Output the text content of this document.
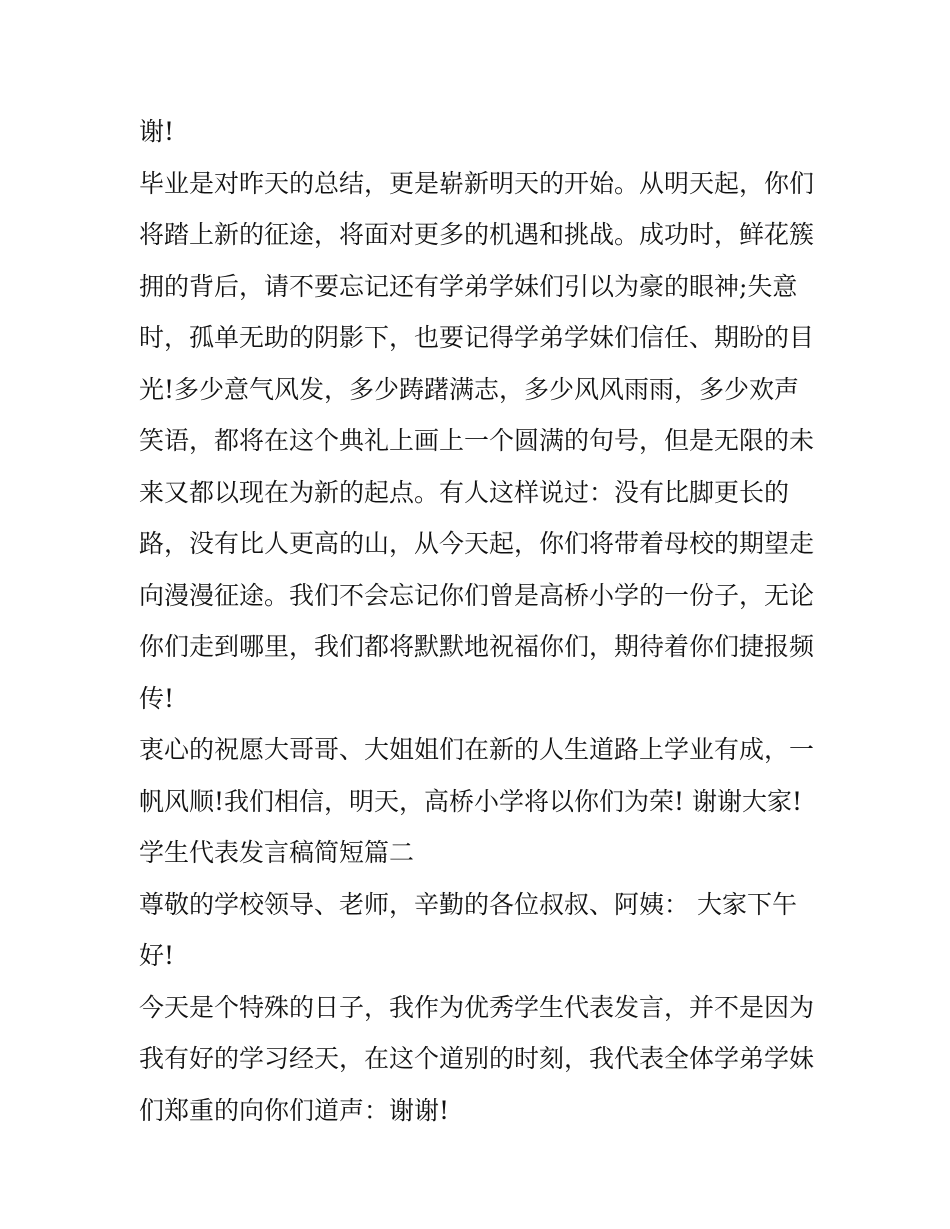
谢!
毕业是对昨天的总结，更是崭新明天的开始。从明天起，你们
将踏上新的征途，将面对更多的机遇和挑战。成功时，鲜花簇
拥的背后，请不要忘记还有学弟学妹们引以为豪的眼神;失意
时，孤单无助的阴影下，也要记得学弟学妹们信任、期盼的目
光!多少意气风发，多少踌躇满志，多少风风雨雨，多少欢声
笑语，都将在这个典礼上画上一个圆满的句号，但是无限的未
来又都以现在为新的起点。有人这样说过：没有比脚更长的
路，没有比人更高的山，从今天起，你们将带着母校的期望走
向漫漫征途。我们不会忘记你们曾是高桥小学的一份子，无论
你们走到哪里，我们都将默默地祝福你们，期待着你们捷报频
传!
衷心的祝愿大哥哥、大姐姐们在新的人生道路上学业有成，一
帆风顺!我们相信，明天，高桥小学将以你们为荣! 谢谢大家!
学生代表发言稿简短篇二
尊敬的学校领导、老师，辛勤的各位叔叔、阿姨： 大家下午
好!
今天是个特殊的日子，我作为优秀学生代表发言，并不是因为
我有好的学习经天，在这个道别的时刻，我代表全体学弟学妹
们郑重的向你们道声：谢谢!
